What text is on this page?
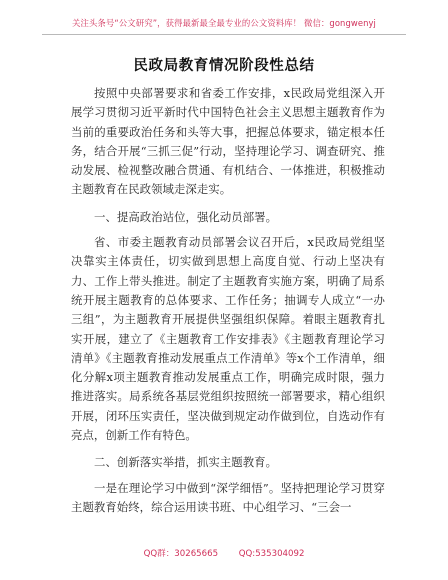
关注头条号“公文研究”，获得最新最全最专业的公文资料库！ 微信：gongwenyj
民政局教育情况阶段性总结

按照中央部署要求和省委工作安排，x民政局党组深入开展学习贯彻习近平新时代中国特色社会主义思想主题教育作为当前的重要政治任务和头等大事，把握总体要求，锚定根本任务，结合开展“三抓三促”行动，坚持理论学习、调查研究、推动发展、检视整改融合贯通、有机结合、一体推进，积极推动主题教育在民政领域走深走实。

一、提高政治站位，强化动员部署。

省、市委主题教育动员部署会议召开后，x民政局党组坚决靠实主体责任，切实做到思想上高度自觉、行动上坚决有力、工作上带头推进。制定了主题教育实施方案，明确了局系统开展主题教育的总体要求、工作任务；抽调专人成立“一办三组”，为主题教育开展提供坚强组织保障。着眼主题教育扎实开展，建立了《主题教育工作安排表》《主题教育理论学习清单》《主题教育推动发展重点工作清单》等x个工作清单，细化分解x项主题教育推动发展重点工作，明确完成时限，强力推进落实。局系统各基层党组织按照统一部署要求，精心组织开展，闭环压实责任，坚决做到规定动作做到位，自选动作有亮点，创新工作有特色。

二、创新落实举措，抓实主题教育。

一是在理论学习中做到“深学细悟”。坚持把理论学习贯穿主题教育始终，综合运用读书班、中心组学习、“三会一

QQ群：30265665 QQ:535304092
